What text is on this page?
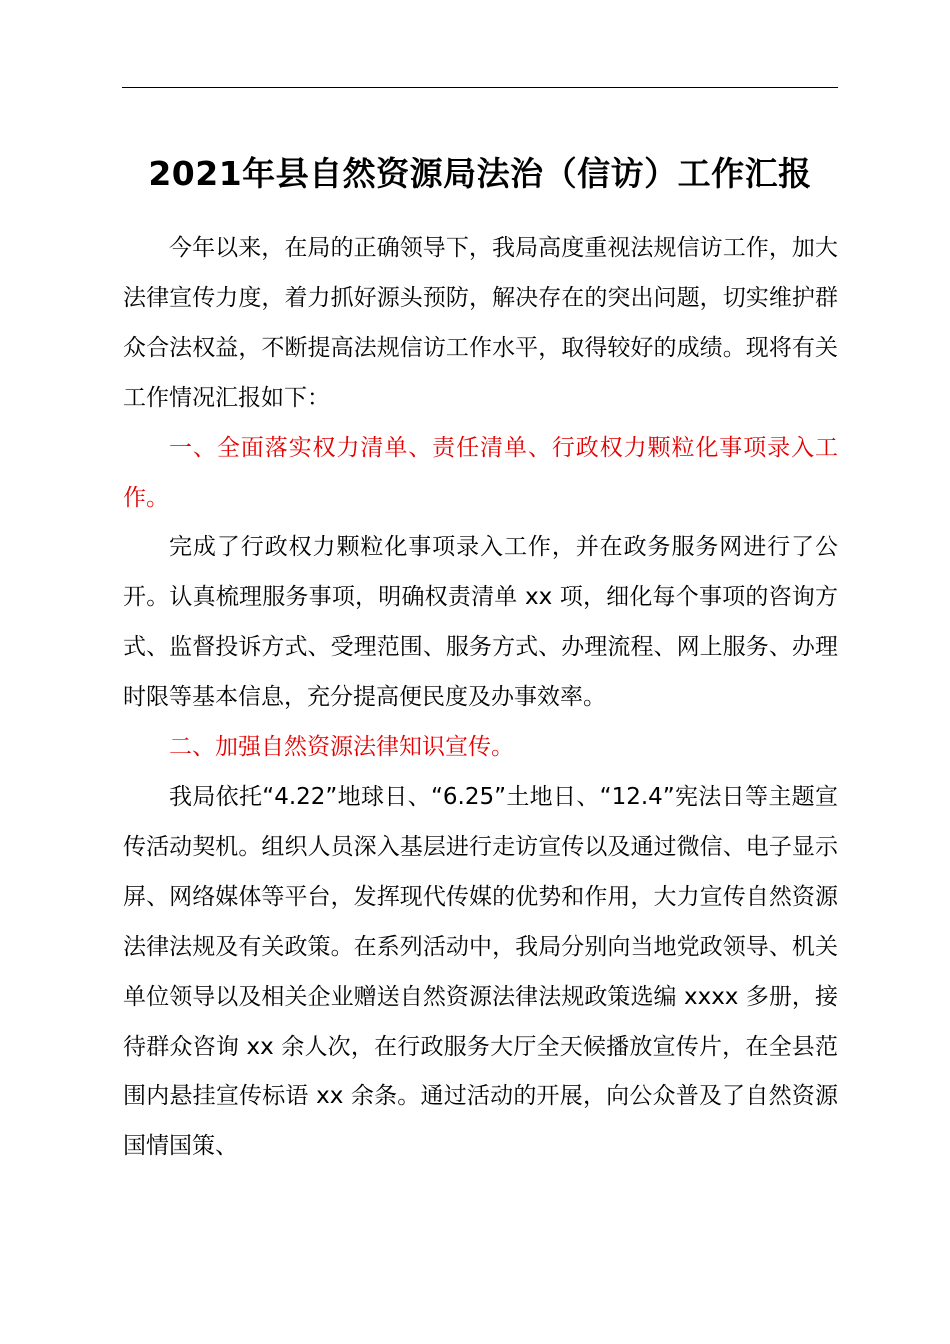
2021年县自然资源局法治（信访）工作汇报

今年以来，在局的正确领导下，我局高度重视法规信访工作，加大法律宣传力度，着力抓好源头预防，解决存在的突出问题，切实维护群众合法权益，不断提高法规信访工作水平，取得较好的成绩。现将有关工作情况汇报如下：

一、全面落实权力清单、责任清单、行政权力颗粒化事项录入工作。

完成了行政权力颗粒化事项录入工作，并在政务服务网进行了公开。认真梳理服务事项，明确权责清单 xx 项，细化每个事项的咨询方式、监督投诉方式、受理范围、服务方式、办理流程、网上服务、办理时限等基本信息，充分提高便民度及办事效率。

二、加强自然资源法律知识宣传。

我局依托“4.22”地球日、“6.25”土地日、“12.4”宪法日等主题宣传活动契机。组织人员深入基层进行走访宣传以及通过微信、电子显示屏、网络媒体等平台，发挥现代传媒的优势和作用，大力宣传自然资源法律法规及有关政策。在系列活动中，我局分别向当地党政领导、机关单位领导以及相关企业赠送自然资源法律法规政策选编 xxxx 多册，接待群众咨询 xx 余人次，在行政服务大厅全天候播放宣传片，在全县范围内悬挂宣传标语 xx 余条。通过活动的开展，向公众普及了自然资源国情国策、
